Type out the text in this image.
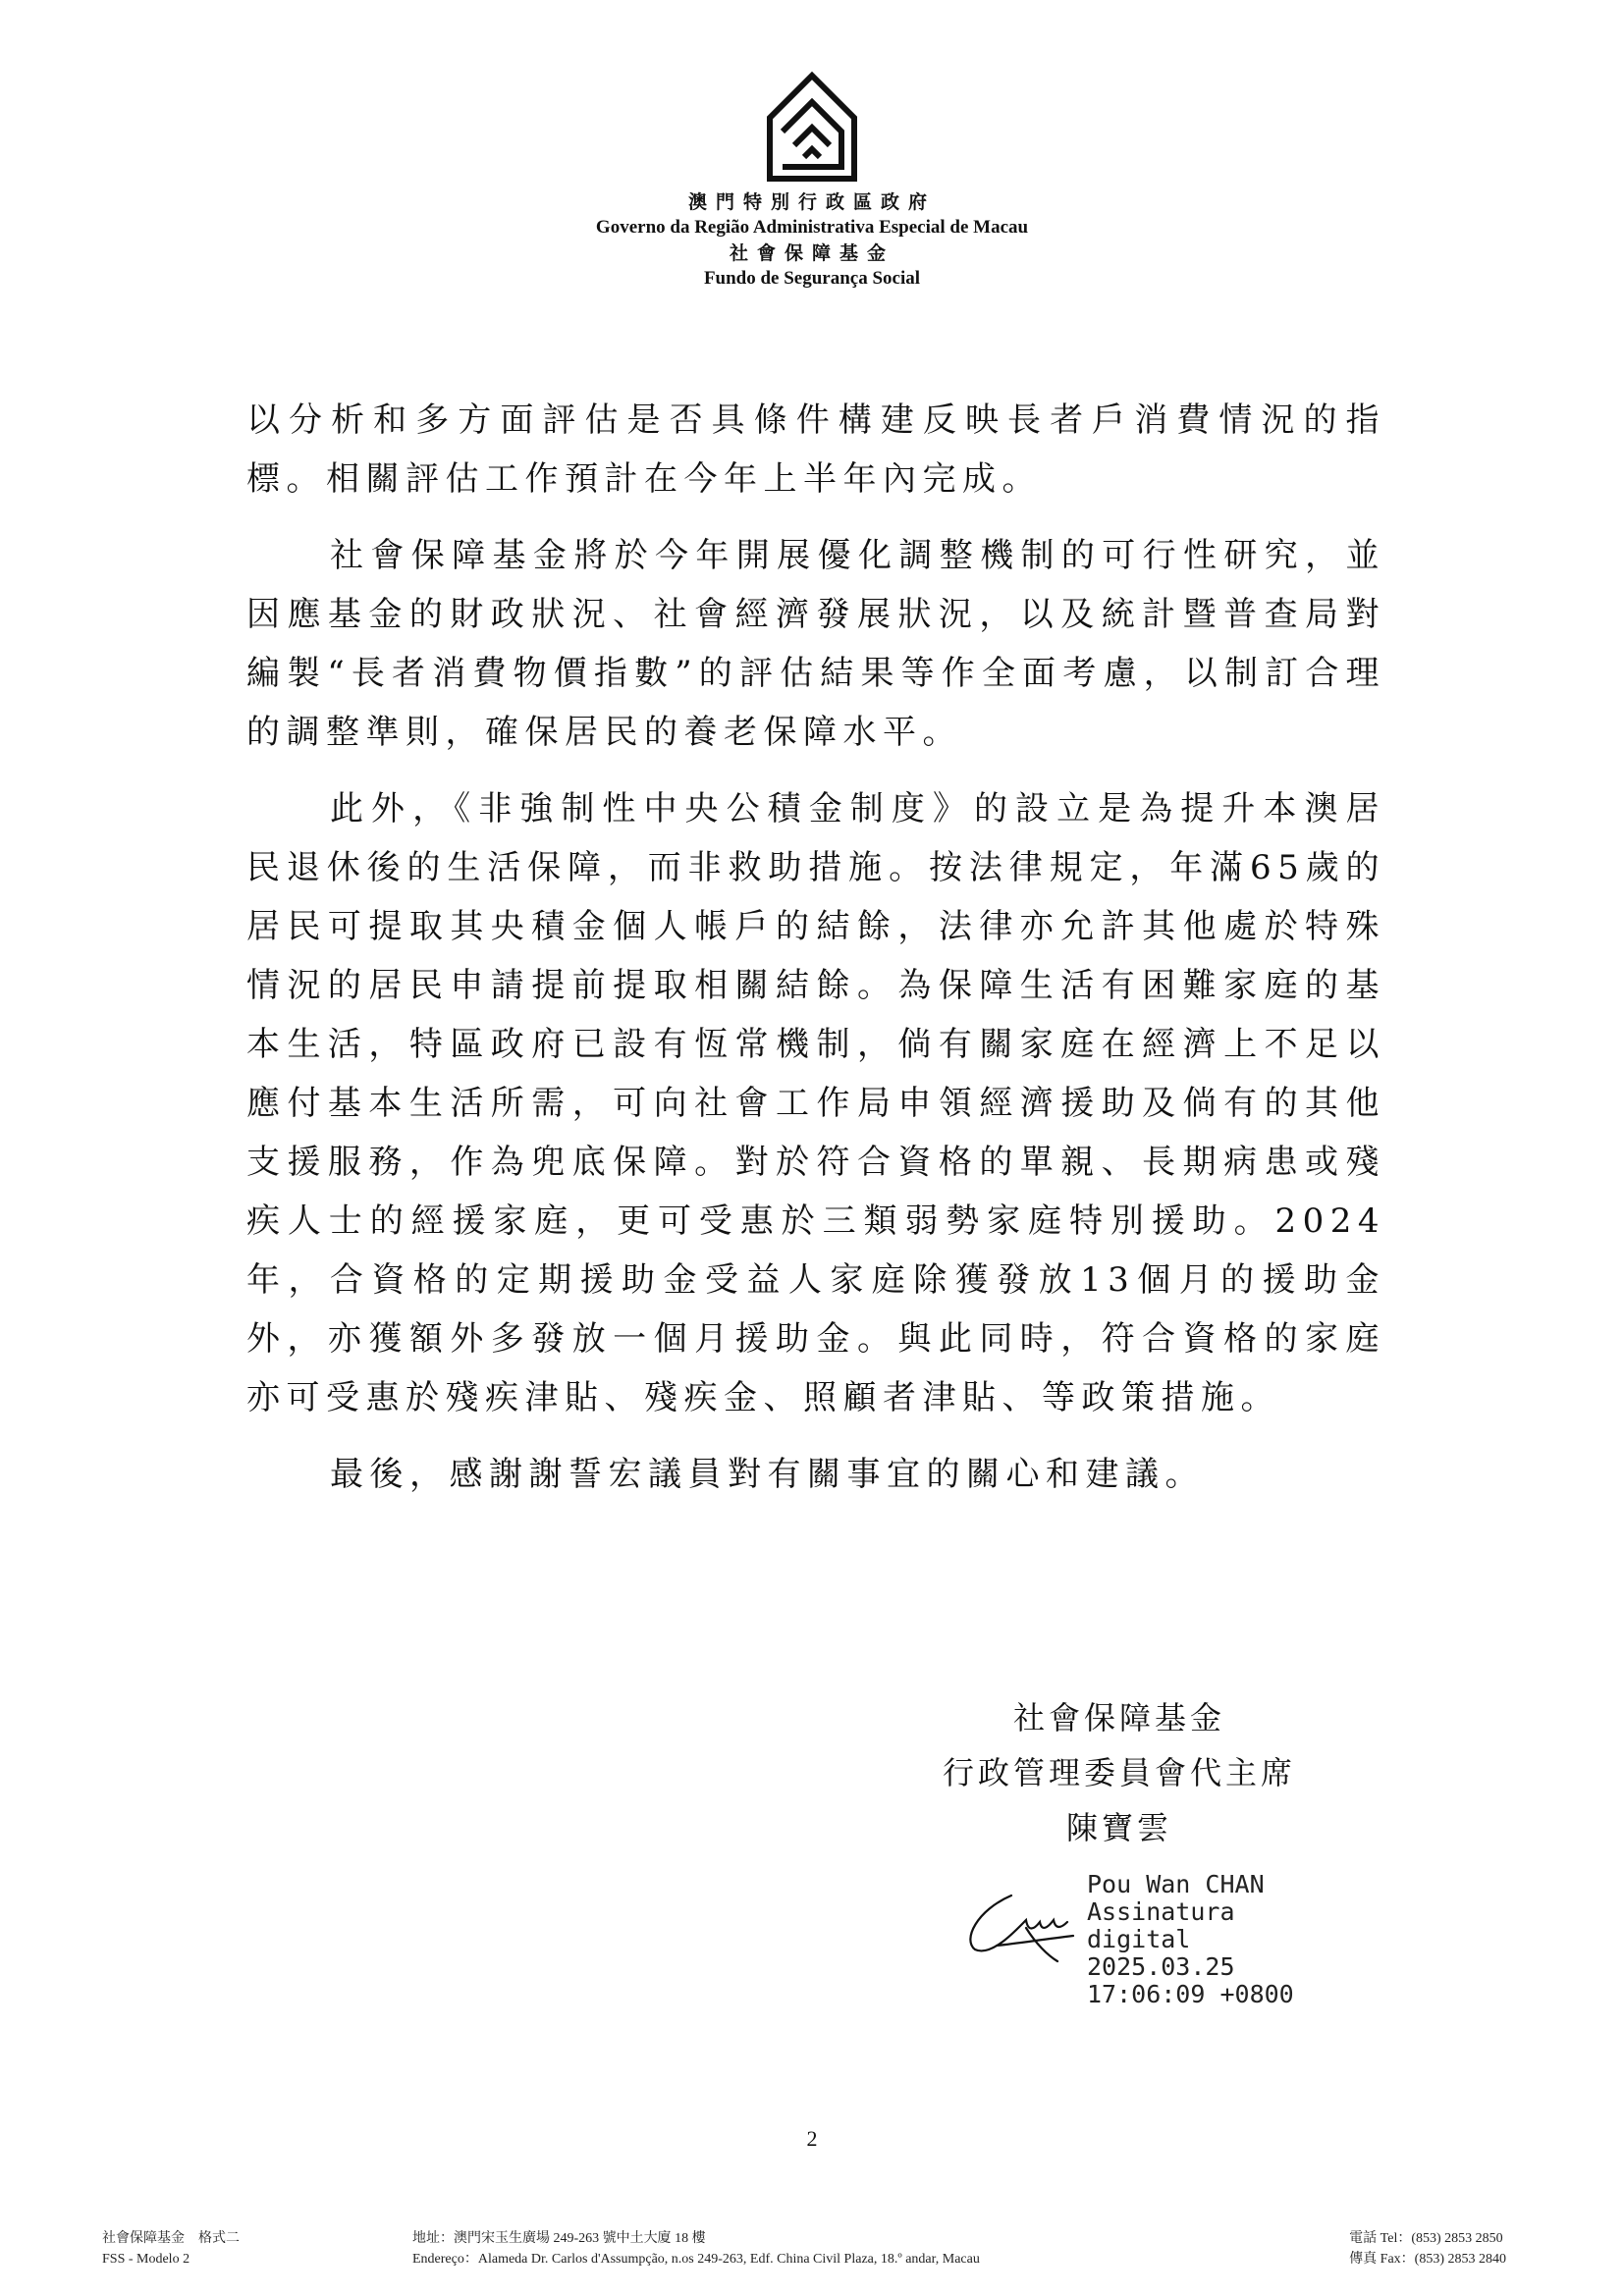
澳門特別行政區政府
Governo da Região Administrativa Especial de Macau
社會保障基金
Fundo de Segurança Social

以分析和多方面評估是否具條件構建反映長者戶消費情況的指標。相關評估工作預計在今年上半年內完成。

社會保障基金將於今年開展優化調整機制的可行性研究，並因應基金的財政狀況、社會經濟發展狀況，以及統計暨普查局對編製“長者消費物價指數”的評估結果等作全面考慮，以制訂合理的調整準則，確保居民的養老保障水平。

此外，《非強制性中央公積金制度》的設立是為提升本澳居民退休後的生活保障，而非救助措施。按法律規定，年滿65歲的居民可提取其央積金個人帳戶的結餘，法律亦允許其他處於特殊情況的居民申請提前提取相關結餘。為保障生活有困難家庭的基本生活，特區政府已設有恆常機制，倘有關家庭在經濟上不足以應付基本生活所需，可向社會工作局申領經濟援助及倘有的其他支援服務，作為兜底保障。對於符合資格的單親、長期病患或殘疾人士的經援家庭，更可受惠於三類弱勢家庭特別援助。2024年，合資格的定期援助金受益人家庭除獲發放13個月的援助金外，亦獲額外多發放一個月援助金。與此同時，符合資格的家庭亦可受惠於殘疾津貼、殘疾金、照顧者津貼、等政策措施。

最後，感謝謝誓宏議員對有關事宜的關心和建議。

社會保障基金
行政管理委員會代主席
陳寶雲
Pou Wan CHAN
Assinatura
digital
2025.03.25
17:06:09 +0800
2
社會保障基金　格式二
FSS - Modelo 2
地址：澳門宋玉生廣場 249-263 號中土大廈 18 樓
Endereço：Alameda Dr. Carlos d'Assumpção, n.os 249-263, Edf. China Civil Plaza, 18.º andar, Macau
電話 Tel：(853) 2853 2850
傳真 Fax：(853) 2853 2840
